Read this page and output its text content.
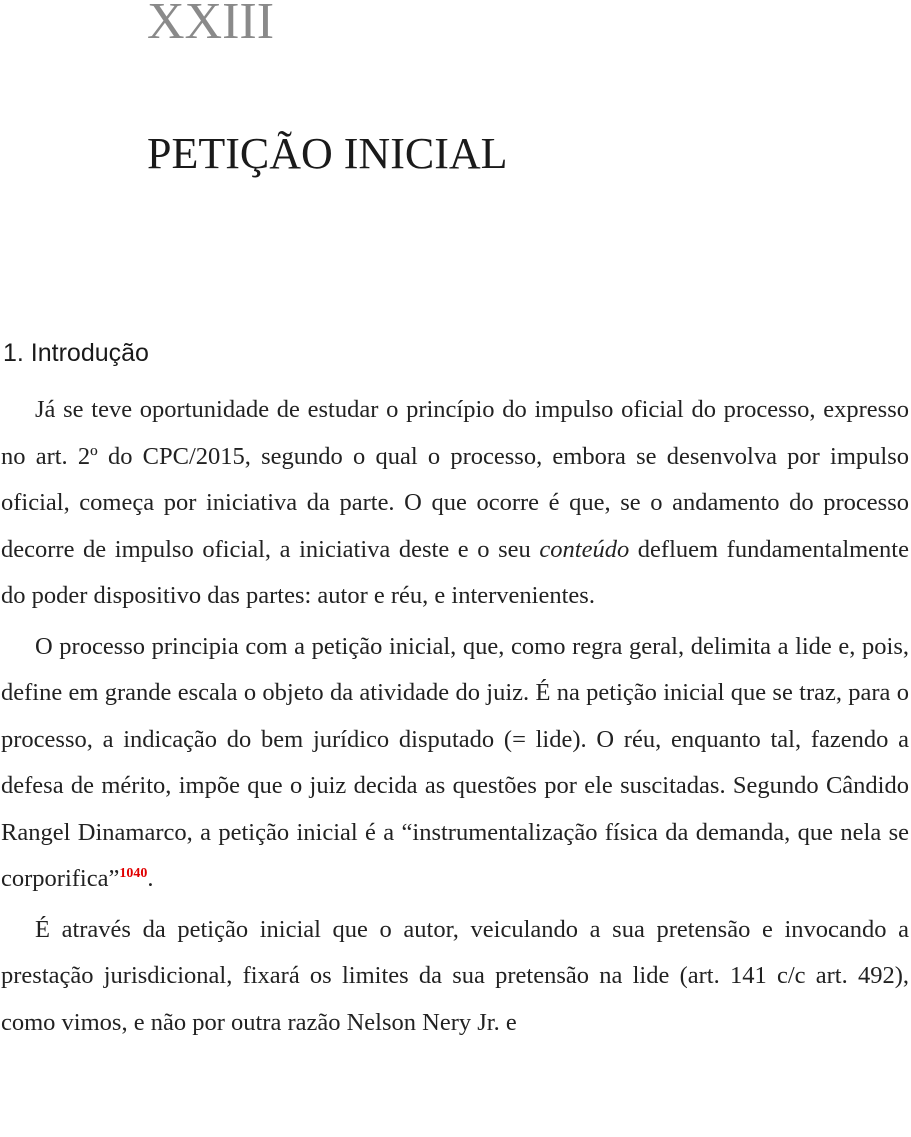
XXIII
PETIÇÃO INICIAL
1. Introdução

Já se teve oportunidade de estudar o princípio do impulso oficial do processo, expresso no art. 2º do CPC/2015, segundo o qual o processo, embora se desenvolva por impulso oficial, começa por iniciativa da parte. O que ocorre é que, se o andamento do processo decorre de impulso oficial, a iniciativa deste e o seu conteúdo defluem fundamentalmente do poder dispositivo das partes: autor e réu, e intervenientes.

O processo principia com a petição inicial, que, como regra geral, delimita a lide e, pois, define em grande escala o objeto da atividade do juiz. É na petição inicial que se traz, para o processo, a indicação do bem jurídico disputado (= lide). O réu, enquanto tal, fazendo a defesa de mérito, impõe que o juiz decida as questões por ele suscitadas. Segundo Cândido Rangel Dinamarco, a petição inicial é a “instrumentalização física da demanda, que nela se corporifica”$^{1040}$.

É através da petição inicial que o autor, veiculando a sua pretensão e invocando a prestação jurisdicional, fixará os limites da sua pretensão na lide (art. 141 c/c art. 492), como vimos, e não por outra razão Nelson Nery Jr. e
